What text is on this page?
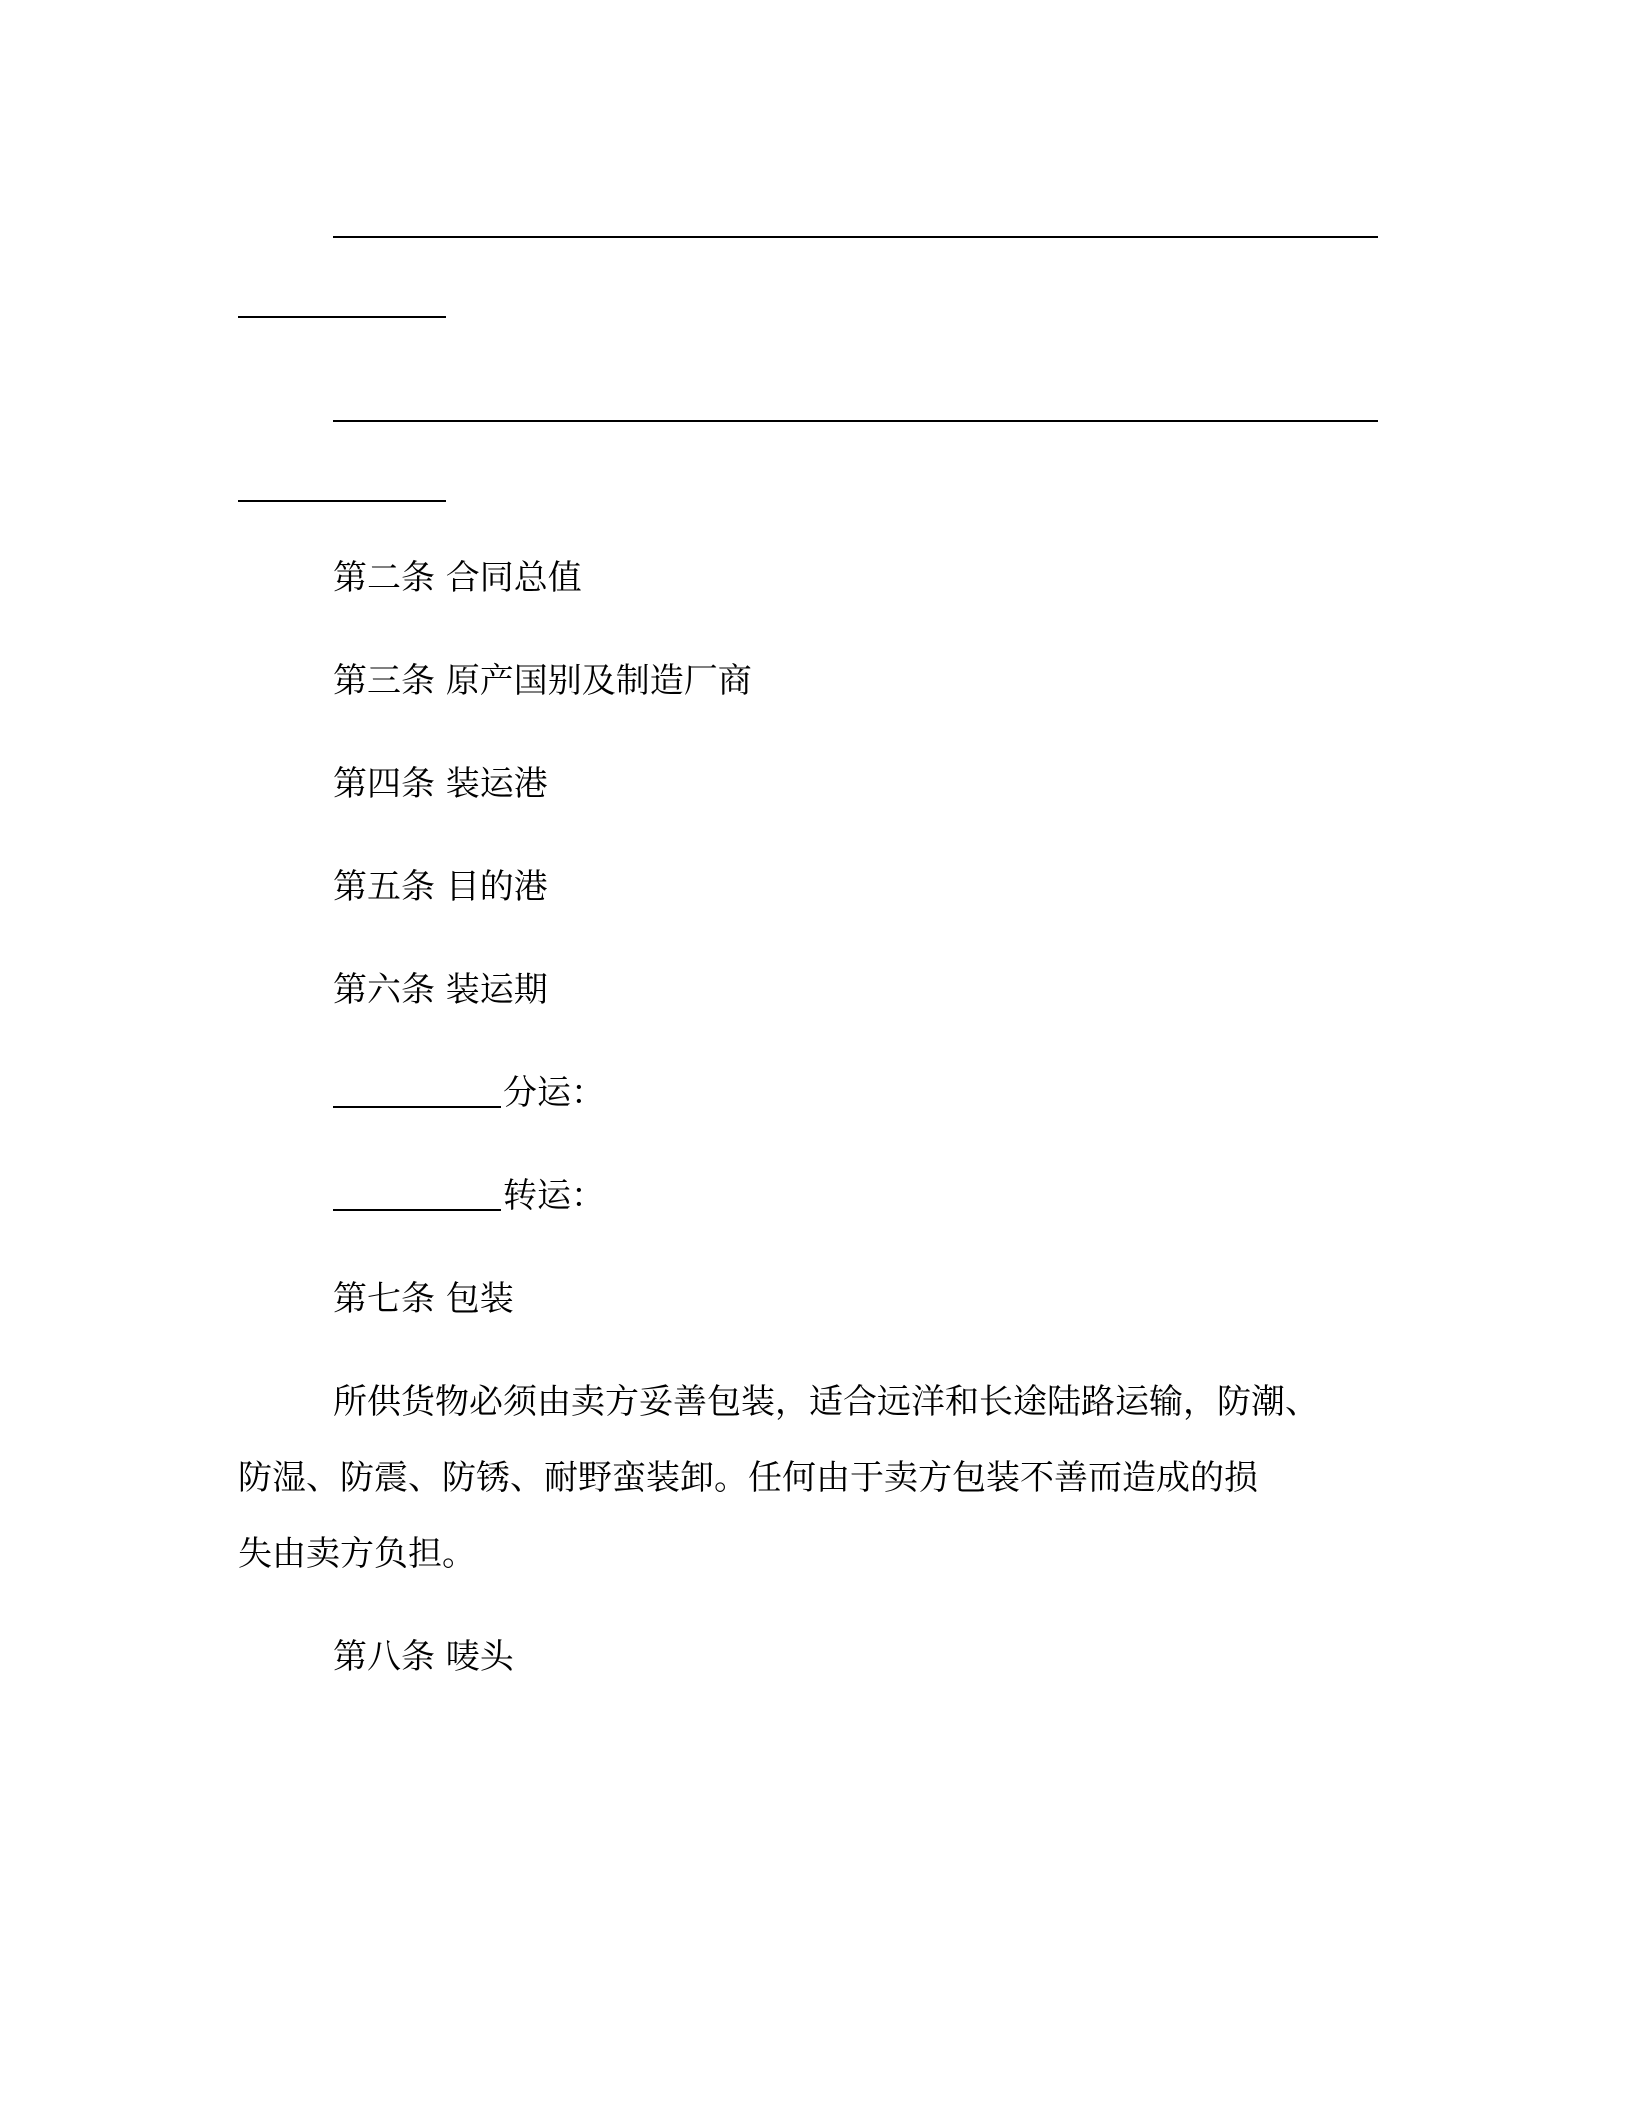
第二条 合同总值
第三条 原产国别及制造厂商
第四条 装运港
第五条 目的港
第六条 装运期
分运：
转运：
第七条 包装
所供货物必须由卖方妥善包装，适合远洋和长途陆路运输，防潮、
防湿、防震、防锈、耐野蛮装卸。任何由于卖方包装不善而造成的损
失由卖方负担。
第八条 唛头
